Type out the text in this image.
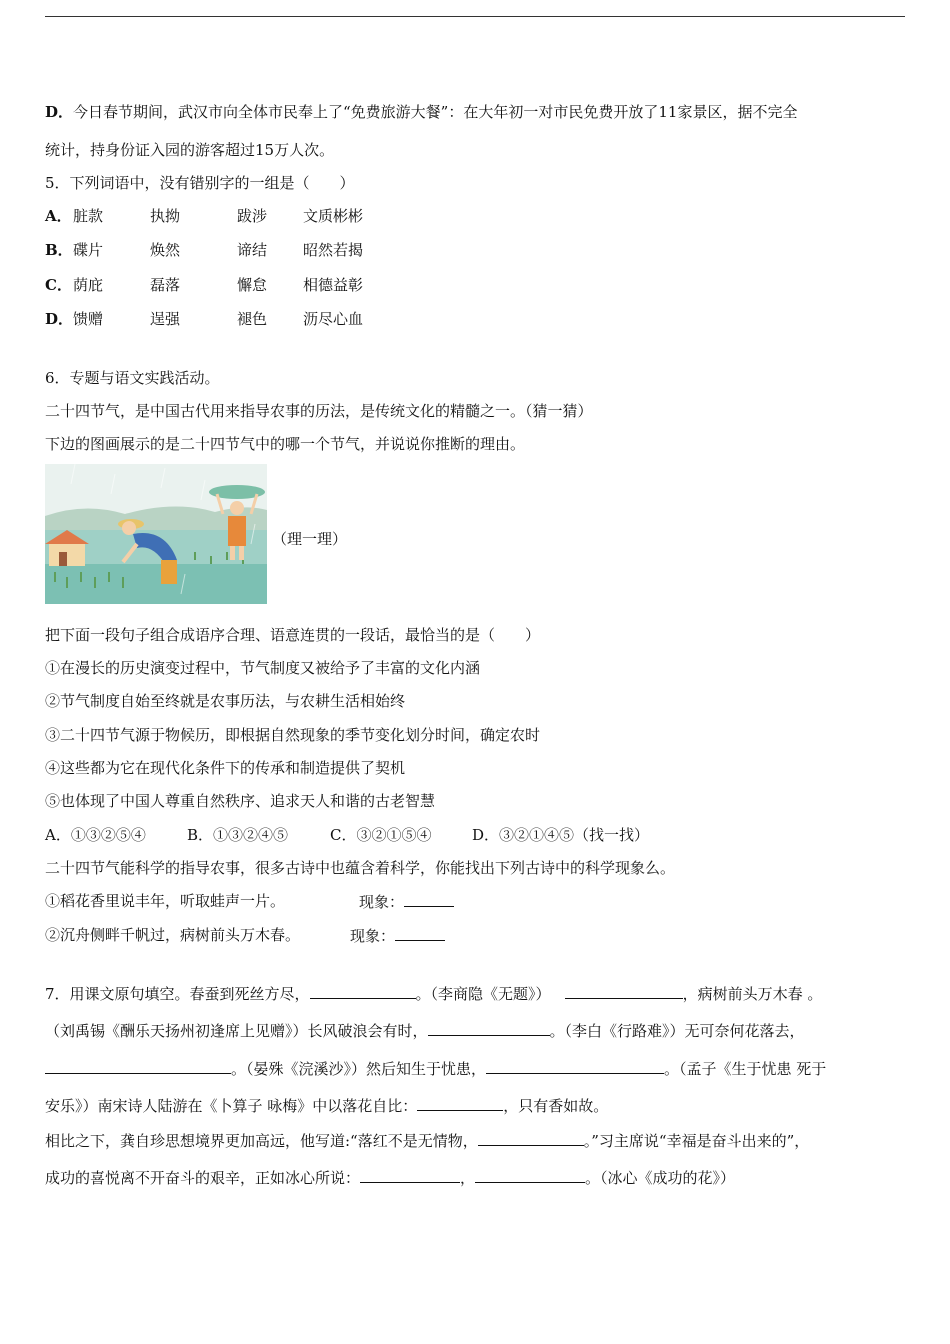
D．今日春节期间，武汉市向全体市民奉上了“免费旅游大餐”：在大年初一对市民免费开放了11家景区，据不完全
统计，持身份证入园的游客超过15万人次。
5．下列词语中，没有错别字的一组是（　　）
A．脏款	执拗	跋涉 文质彬彬
B．碟片	焕然	谛结 昭然若揭
C．荫庇	磊落	懈怠 相德益彰
D．馈赠	逞强	褪色 沥尽心血
6．专题与语文实践活动。
二十四节气，是中国古代用来指导农事的历法，是传统文化的精髓之一。（猜一猜）
下边的图画展示的是二十四节气中的哪一个节气，并说说你推断的理由。
（理一理）
把下面一段句子组合成语序合理、语意连贯的一段话，最恰当的是（　　）
①在漫长的历史演变过程中，节气制度又被给予了丰富的文化内涵
②节气制度自始至终就是农事历法，与农耕生活相始终
③二十四节气源于物候历，即根据自然现象的季节变化划分时间，确定农时
④这些都为它在现代化条件下的传承和制造提供了契机
⑤也体现了中国人尊重自然秩序、追求天人和谐的古老智慧
A．①③②⑤④	B．①③②④⑤	C．③②①⑤④	D．③②①④⑤（找一找）
二十四节气能科学的指导农事，很多古诗中也蕴含着科学，你能找出下列古诗中的科学现象么。
①稻花香里说丰年，听取蛙声一片。	现象：
②沉舟侧畔千帆过，病树前头万木春。	现象：
7．用课文原句填空。春蚕到死丝方尽，	。（李商隐《无题》）	，病树前头万木春 。
（刘禹锡《酬乐天扬州初逢席上见赠》）长风破浪会有时，	。（李白《行路难》）无可奈何花落去，
。（晏殊《浣溪沙》）然后知生于忧患，	。（孟子《生于忧患 死于
安乐》）南宋诗人陆游在《卜算子 咏梅》中以落花自比：	，只有香如故。
相比之下，龚自珍思想境界更加高远，他写道:“落红不是无情物，	。”习主席说“幸福是奋斗出来的”，
成功的喜悦离不开奋斗的艰辛，正如冰心所说：	，	。（冰心《成功的花》）
